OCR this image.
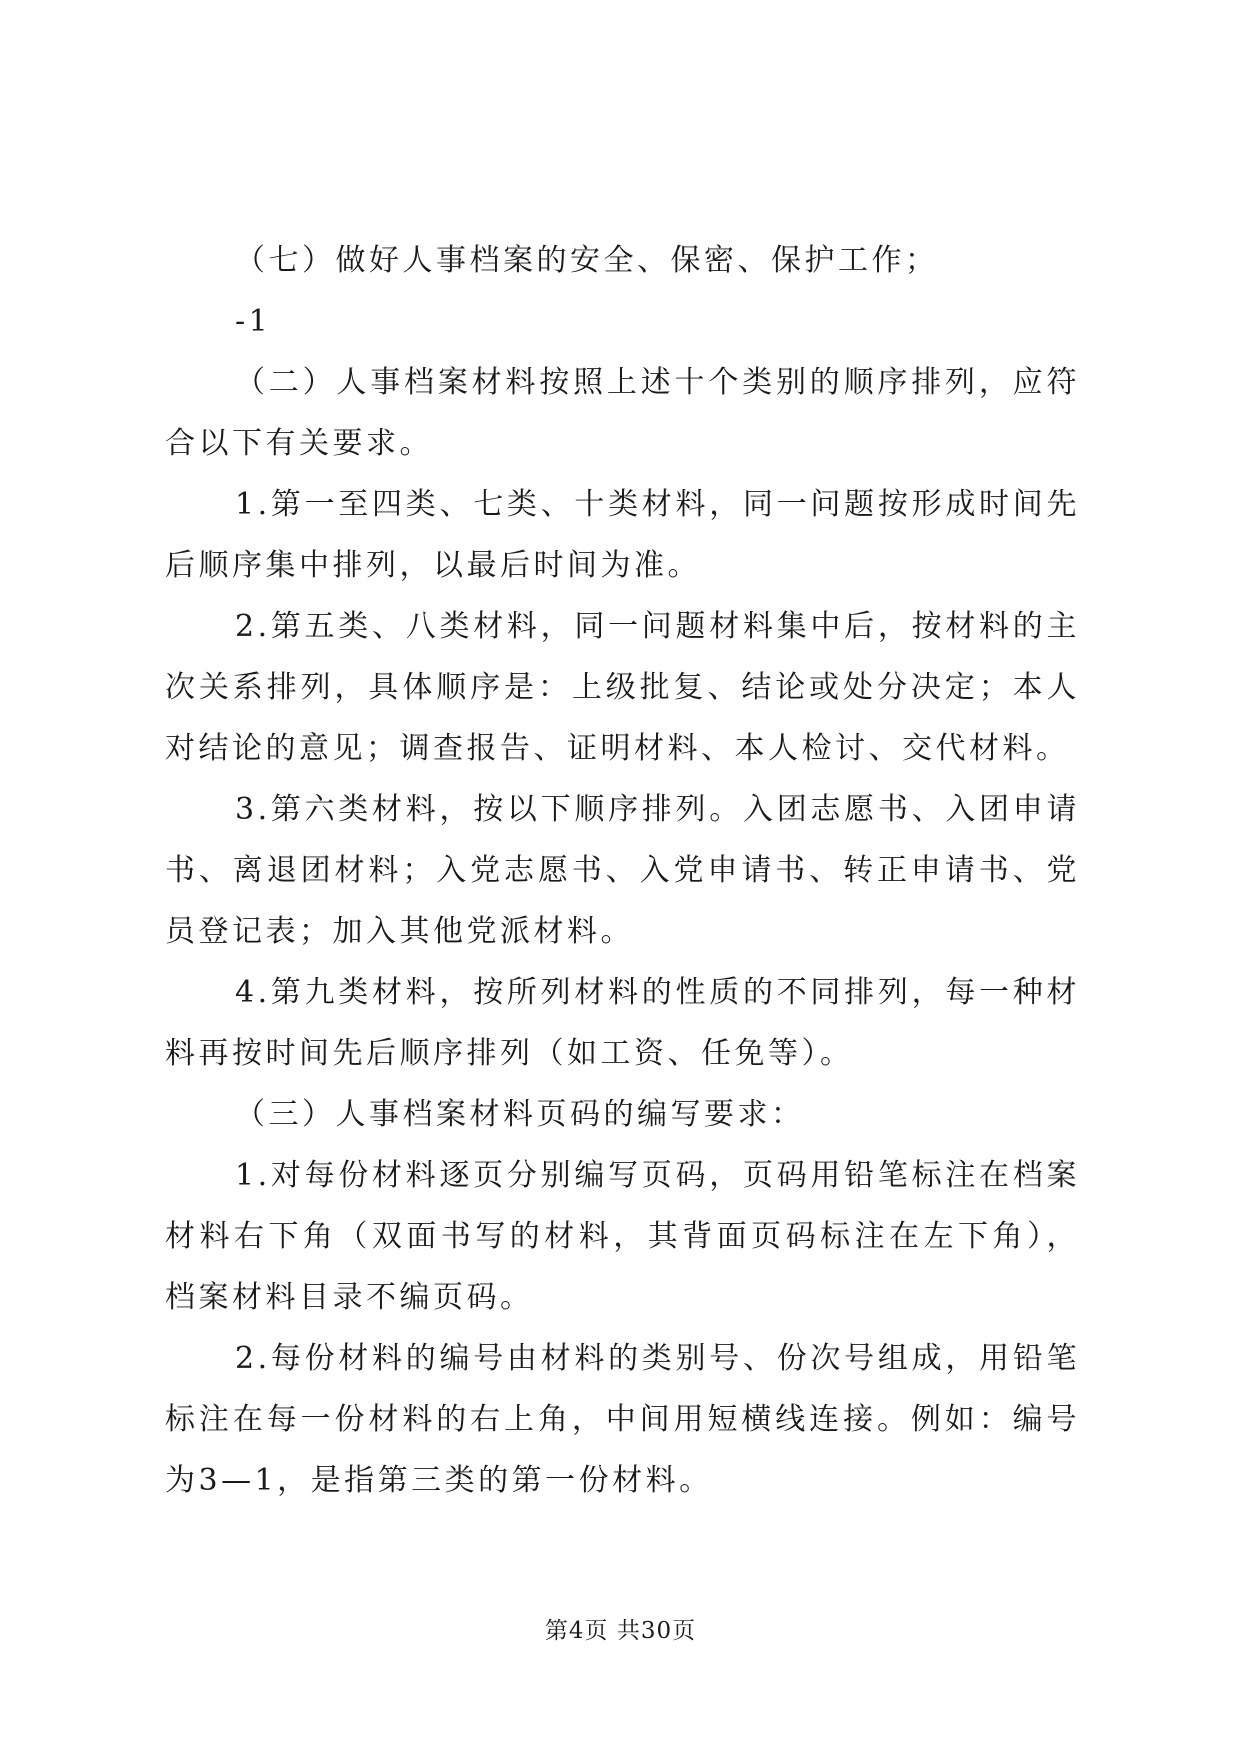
（七）做好人事档案的安全、保密、保护工作；

-1

（二）人事档案材料按照上述十个类别的顺序排列，应符合以下有关要求。

1.第一至四类、七类、十类材料，同一问题按形成时间先后顺序集中排列，以最后时间为准。

2.第五类、八类材料，同一问题材料集中后，按材料的主次关系排列，具体顺序是：上级批复、结论或处分决定；本人对结论的意见；调查报告、证明材料、本人检讨、交代材料。

3.第六类材料，按以下顺序排列。入团志愿书、入团申请书、离退团材料；入党志愿书、入党申请书、转正申请书、党员登记表；加入其他党派材料。

4.第九类材料，按所列材料的性质的不同排列，每一种材料再按时间先后顺序排列（如工资、任免等）。

（三）人事档案材料页码的编写要求：

1.对每份材料逐页分别编写页码，页码用铅笔标注在档案材料右下角（双面书写的材料，其背面页码标注在左下角），档案材料目录不编页码。

2.每份材料的编号由材料的类别号、份次号组成，用铅笔标注在每一份材料的右上角，中间用短横线连接。例如：编号为3—1，是指第三类的第一份材料。

第4页 共30页
